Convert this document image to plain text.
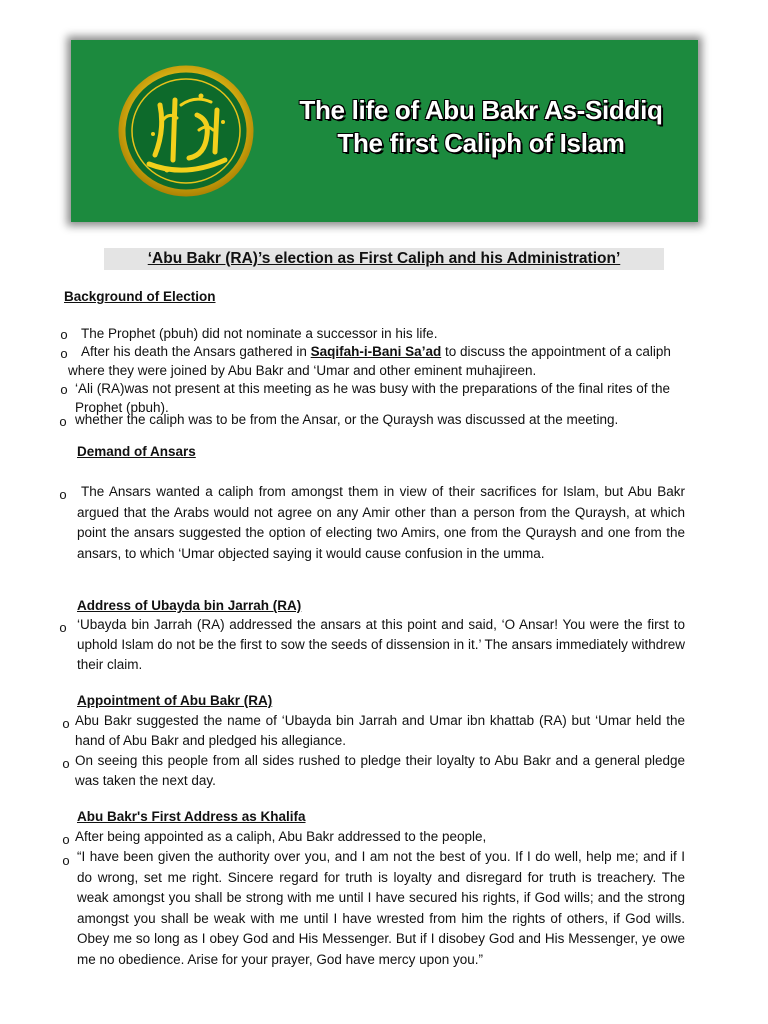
The life of Abu Bakr As-Siddiq
The first Caliph of Islam
‘Abu Bakr (RA)’s election as First Caliph and his Administration’
Background of Election
o The Prophet (pbuh) did not nominate a successor in his life.
o After his death the Ansars gathered in Saqifah-i-Bani Sa’ad to discuss the appointment of a caliph where they were joined by Abu Bakr and ‘Umar and other eminent muhajireen.
o ‘Ali (RA)was not present at this meeting as he was busy with the preparations of the final rites of the Prophet (pbuh).
o whether the caliph was to be from the Ansar, or the Quraysh was discussed at the meeting.
Demand of Ansars
o The Ansars wanted a caliph from amongst them in view of their sacrifices for Islam, but Abu Bakr argued that the Arabs would not agree on any Amir other than a person from the Quraysh, at which point the ansars suggested the option of electing two Amirs, one from the Quraysh and one from the ansars, to which ‘Umar objected saying it would cause confusion in the umma.
Address of Ubayda bin Jarrah (RA)
o ‘Ubayda bin Jarrah (RA) addressed the ansars at this point and said, ‘O Ansar! You were the first to uphold Islam do not be the first to sow the seeds of dissension in it.’ The ansars immediately withdrew their claim.
Appointment of Abu Bakr (RA)
o Abu Bakr suggested the name of ‘Ubayda bin Jarrah and Umar ibn khattab (RA) but ‘Umar held the hand of Abu Bakr and pledged his allegiance.
o On seeing this people from all sides rushed to pledge their loyalty to Abu Bakr and a general pledge was taken the next day.
Abu Bakr's First Address as Khalifa
o After being appointed as a caliph, Abu Bakr addressed to the people,
o “I have been given the authority over you, and I am not the best of you. If I do well, help me; and if I do wrong, set me right. Sincere regard for truth is loyalty and disregard for truth is treachery. The weak amongst you shall be strong with me until I have secured his rights, if God wills; and the strong amongst you shall be weak with me until I have wrested from him the rights of others, if God wills. Obey me so long as I obey God and His Messenger. But if I disobey God and His Messenger, ye owe me no obedience. Arise for your prayer, God have mercy upon you.”
